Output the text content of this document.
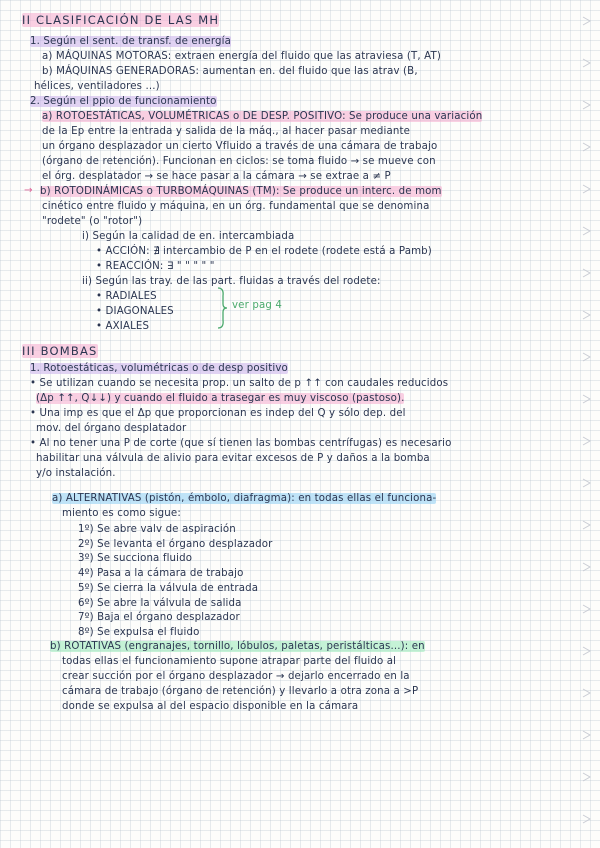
II CLASIFICACIÓN DE LAS MH
1. Según el sent. de transf. de energía
a) MÁQUINAS MOTORAS: extraen energía del fluido que las atraviesa (T, AT)
b) MÁQUINAS GENERADORAS: aumentan en. del fluido que las atrav (B,
hélices, ventiladores ...)
2. Según el ppio de funcionamiento
a) ROTOESTÁTICAS, VOLUMÉTRICAS o DE DESP. POSITIVO: Se produce una variación
de la Ep entre la entrada y salida de la máq., al hacer pasar mediante
un órgano desplazador un cierto Vfluido a través de una cámara de trabajo
(órgano de retención). Funcionan en ciclos: se toma fluido → se mueve con
el órg. desplatador → se hace pasar a la cámara → se extrae a ≠ P
→ b) ROTODINÁMICAS o TURBOMÁQUINAS (TM): Se produce un interc. de mom
cinético entre fluido y máquina, en un órg. fundamental que se denomina
"rodete" (o "rotor")
i) Según la calidad de en. intercambiada
• ACCIÓN: ∄ intercambio de P en el rodete (rodete está a Pamb)
• REACCIÓN: ∃ " " " " "
ii) Según las tray. de las part. fluidas a través del rodete:
• RADIALES
• DIAGONALES
• AXIALES
ver pag 4
III BOMBAS
1. Rotoestáticas, volumétricas o de desp positivo
• Se utilizan cuando se necesita prop. un salto de p ↑↑ con caudales reducidos
(Δp ↑↑, Q↓↓) y cuando el fluido a trasegar es muy viscoso (pastoso).
• Una imp es que el Δp que proporcionan es indep del Q y sólo dep. del
mov. del órgano desplatador
• Al no tener una P de corte (que sí tienen las bombas centrífugas) es necesario
habilitar una válvula de alivio para evitar excesos de P y daños a la bomba
y/o instalación.
a) ALTERNATIVAS (pistón, émbolo, diafragma): en todas ellas el funciona-
miento es como sigue:
1º) Se abre valv de aspiración
2º) Se levanta el órgano desplazador
3º) Se succiona fluido
4º) Pasa a la cámara de trabajo
5º) Se cierra la válvula de entrada
6º) Se abre la válvula de salida
7º) Baja el órgano desplazador
8º) Se expulsa el fluido
b) ROTATIVAS (engranajes, tornillo, lóbulos, paletas, peristálticas...): en
todas ellas el funcionamiento supone atrapar parte del fluido al
crear succión por el órgano desplazador → dejarlo encerrado en la
cámara de trabajo (órgano de retención) y llevarlo a otra zona a >P
donde se expulsa al del espacio disponible en la cámara
